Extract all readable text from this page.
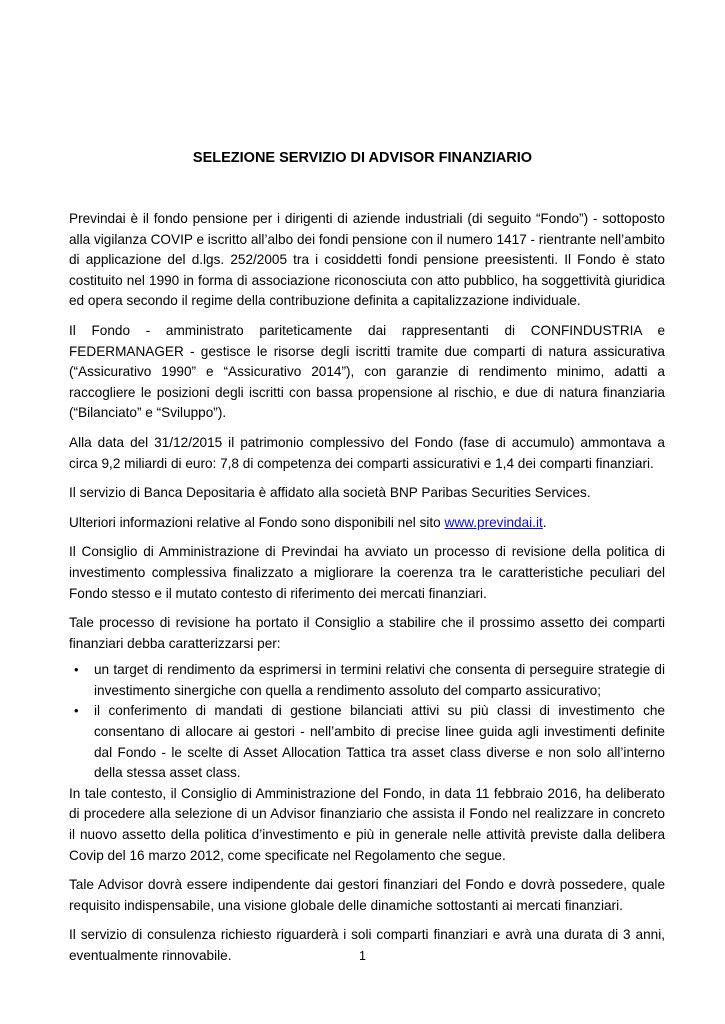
SELEZIONE SERVIZIO DI ADVISOR FINANZIARIO

Previndai è il fondo pensione per i dirigenti di aziende industriali (di seguito “Fondo”) - sottoposto alla vigilanza COVIP e iscritto all’albo dei fondi pensione con il numero 1417 - rientrante nell’ambito di applicazione del d.lgs. 252/2005 tra i cosiddetti fondi pensione preesistenti. Il Fondo è stato costituito nel 1990 in forma di associazione riconosciuta con atto pubblico, ha soggettività giuridica ed opera secondo il regime della contribuzione definita a capitalizzazione individuale.

Il Fondo - amministrato pariteticamente dai rappresentanti di CONFINDUSTRIA e FEDERMANAGER - gestisce le risorse degli iscritti tramite due comparti di natura assicurativa (“Assicurativo 1990” e “Assicurativo 2014”), con garanzie di rendimento minimo, adatti a raccogliere le posizioni degli iscritti con bassa propensione al rischio, e due di natura finanziaria (“Bilanciato” e “Sviluppo”).

Alla data del 31/12/2015 il patrimonio complessivo del Fondo (fase di accumulo) ammontava a circa 9,2 miliardi di euro: 7,8 di competenza dei comparti assicurativi e 1,4 dei comparti finanziari.

Il servizio di Banca Depositaria è affidato alla società BNP Paribas Securities Services.

Ulteriori informazioni relative al Fondo sono disponibili nel sito www.previndai.it.

Il Consiglio di Amministrazione di Previndai ha avviato un processo di revisione della politica di investimento complessiva finalizzato a migliorare la coerenza tra le caratteristiche peculiari del Fondo stesso e il mutato contesto di riferimento dei mercati finanziari.

Tale processo di revisione ha portato il Consiglio a stabilire che il prossimo assetto dei comparti finanziari debba caratterizzarsi per:

• un target di rendimento da esprimersi in termini relativi che consenta di perseguire strategie di investimento sinergiche con quella a rendimento assoluto del comparto assicurativo;
• il conferimento di mandati di gestione bilanciati attivi su più classi di investimento che consentano di allocare ai gestori - nell’ambito di precise linee guida agli investimenti definite dal Fondo - le scelte di Asset Allocation Tattica tra asset class diverse e non solo all’interno della stessa asset class.

In tale contesto, il Consiglio di Amministrazione del Fondo, in data 11 febbraio 2016, ha deliberato di procedere alla selezione di un Advisor finanziario che assista il Fondo nel realizzare in concreto il nuovo assetto della politica d’investimento e più in generale nelle attività previste dalla delibera Covip del 16 marzo 2012, come specificate nel Regolamento che segue.

Tale Advisor dovrà essere indipendente dai gestori finanziari del Fondo e dovrà possedere, quale requisito indispensabile, una visione globale delle dinamiche sottostanti ai mercati finanziari.

Il servizio di consulenza richiesto riguarderà i soli comparti finanziari e avrà una durata di 3 anni, eventualmente rinnovabile.	1
